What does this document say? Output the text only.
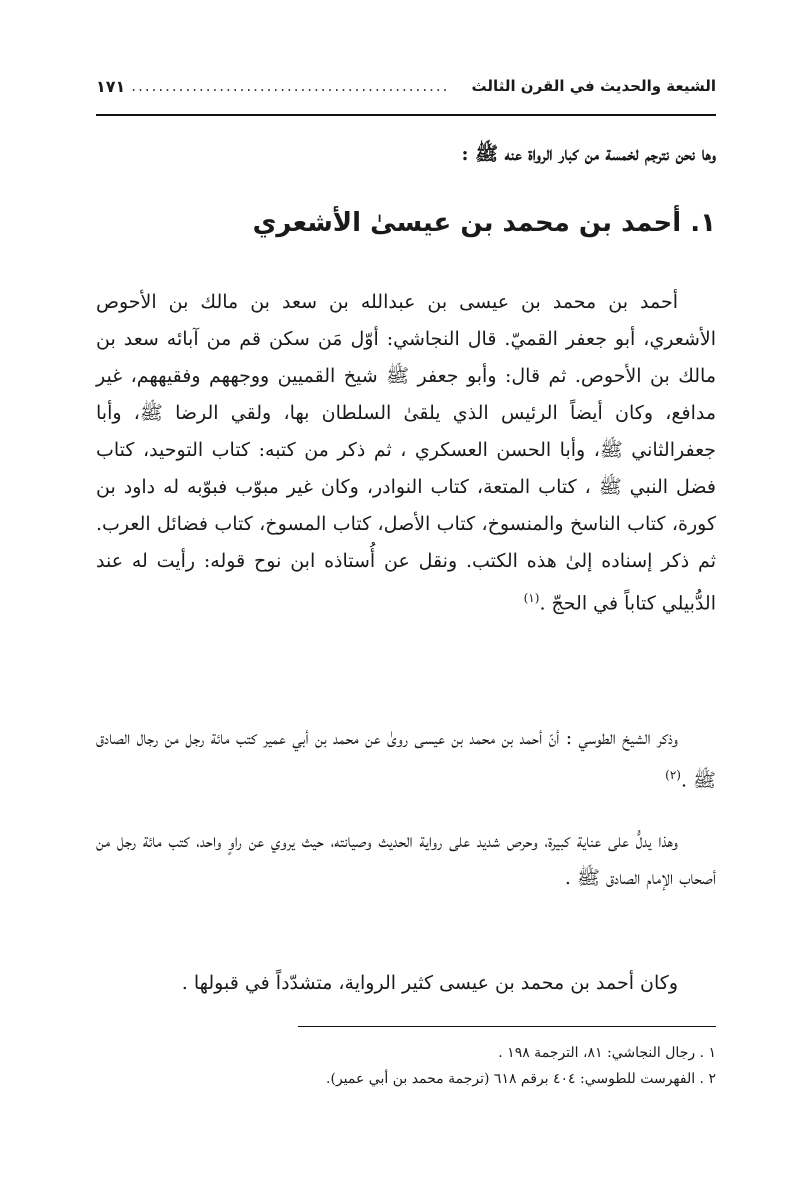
الشيعة والحديث في القرن الثالث
...............................................
١٧١
وها نحن نترجم لخمسة من كبار الرواة عنه ﷺ :
١. أحمد بن محمد بن عيسىٰ الأشعري

أحمد بن محمد بن عيسى بن عبدالله بن سعد بن مالك بن الأحوص الأشعري، أبو جعفر القميّ. قال النجاشي: أوّل مَن سكن قم من آبائه سعد بن مالك بن الأحوص. ثم قال: وأبو جعفر ﷺ شيخ القميين ووجههم وفقيههم، غير مدافع، وكان أيضاً الرئيس الذي يلقىٰ السلطان بها، ولقي الرضا ﷺ، وأبا جعفرالثاني ﷺ، وأبا الحسن العسكري ، ثم ذكر من كتبه: كتاب التوحيد، كتاب فضل النبي ﷺ ، كتاب المتعة، كتاب النوادر، وكان غير مبوّب فبوّبه له داود بن كورة، كتاب الناسخ والمنسوخ، كتاب الأصل، كتاب المسوخ، كتاب فضائل العرب. ثم ذكر إسناده إلىٰ هذه الكتب. ونقل عن أُستاذه ابن نوح قوله: رأيت له عند الدُّبيلي كتاباً في الحجّ .$^{(١)}$

وذكر الشيخ الطوسي : أنّ أحمد بن محمد بن عيسى روىٰ عن محمد بن أبي عمير كتب مائة رجل من رجال الصادق ﷺ .$^{(٢)}$

وهذا يدلُّ على عناية كبيرة، وحرص شديد على رواية الحديث وصيانته، حيث يروي عن راوٍ واحد، كتب مائة رجل من أصحاب الإمام الصادق ﷺ .

وكان أحمد بن محمد بن عيسى كثير الرواية، متشدّداً في قبولها .

١ . رجال النجاشي: ٨١، الترجمة ١٩٨ .
٢ . الفهرست للطوسي: ٤٠٤ برقم ٦١٨ (ترجمة محمد بن أبي عمير).
